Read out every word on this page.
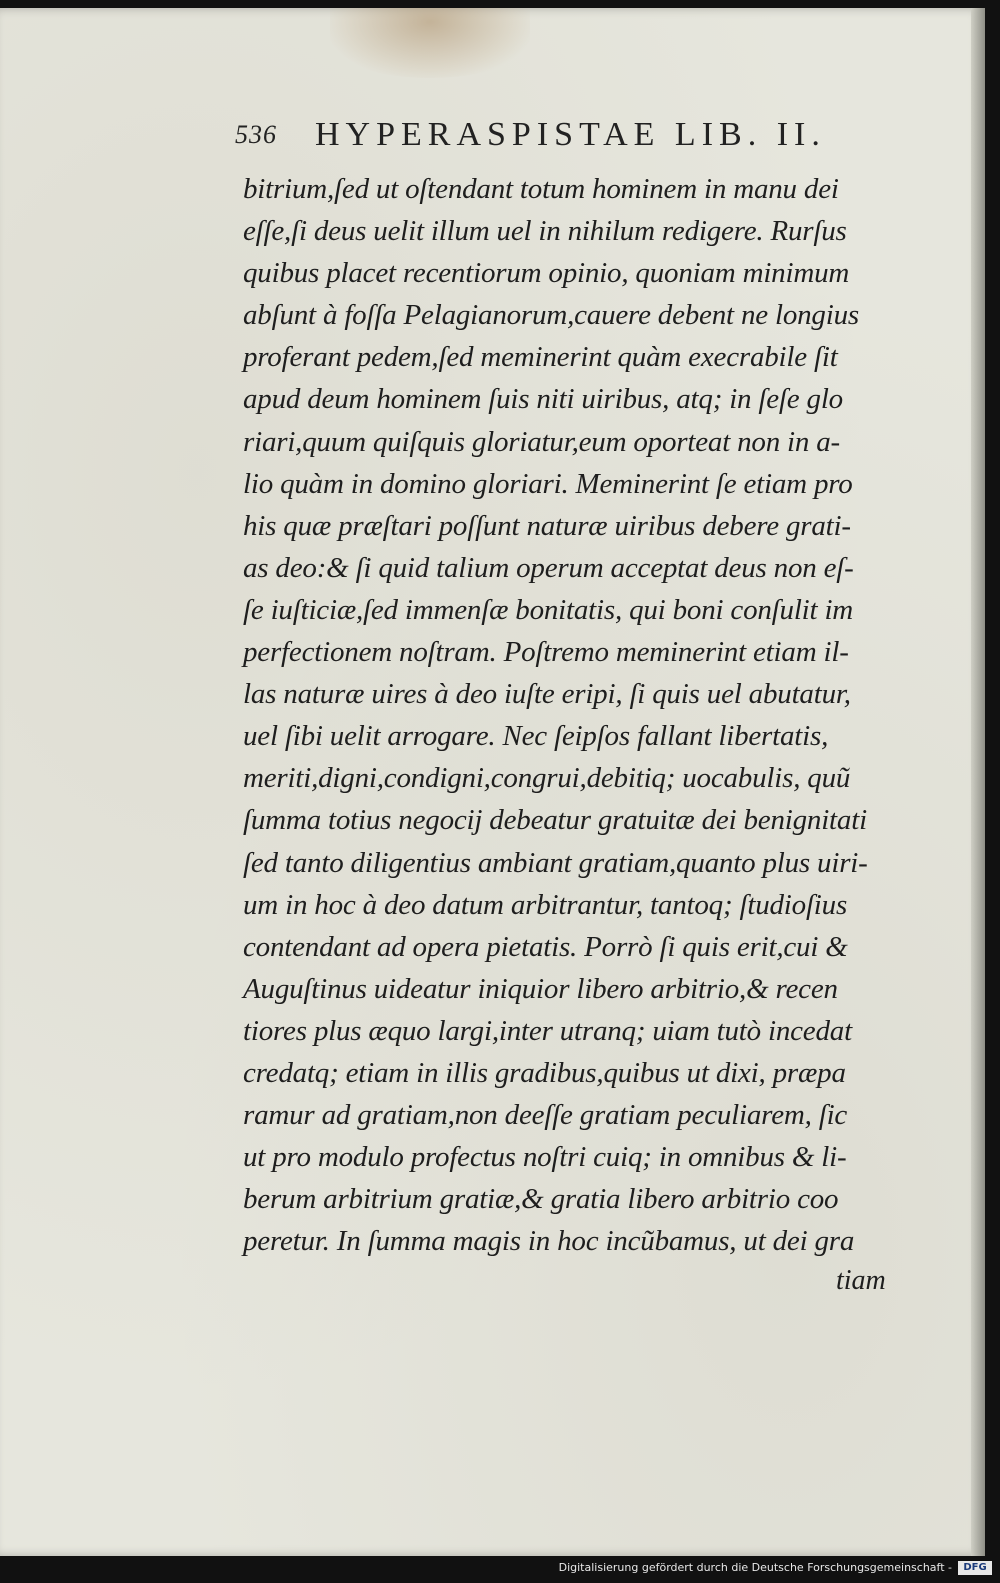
536 HYPERASPISTAE LIB. II.
bitrium,ſed ut oſtendant totum hominem in manu dei
eſſe,ſi deus uelit illum uel in nihilum redigere. Rurſus
quibus placet recentiorum opinio, quoniam minimum
abſunt à foſſa Pelagianorum,cauere debent ne longius
proferant pedem,ſed meminerint quàm execrabile ſit
apud deum hominem ſuis niti uiribus, atq; in ſeſe glo
riari,quum quiſquis gloriatur,eum oporteat non in a-
lio quàm in domino gloriari. Meminerint ſe etiam pro
his quæ præſtari poſſunt naturæ uiribus debere grati-
as deo:& ſi quid talium operum acceptat deus non eſ-
ſe iuſticiæ,ſed immenſæ bonitatis, qui boni conſulit im
perfectionem noſtram. Poſtremo meminerint etiam il-
las naturæ uires à deo iuſte eripi, ſi quis uel abutatur,
uel ſibi uelit arrogare. Nec ſeipſos fallant libertatis,
meriti,digni,condigni,congrui,debitiq; uocabulis, quũ
ſumma totius negocij debeatur gratuitæ dei benignitati
ſed tanto diligentius ambiant gratiam,quanto plus uiri-
um in hoc à deo datum arbitrantur, tantoq; ſtudioſius
contendant ad opera pietatis. Porrò ſi quis erit,cui &
Auguſtinus uideatur iniquior libero arbitrio,& recen
tiores plus æquo largi,inter utranq; uiam tutò incedat
credatq; etiam in illis gradibus,quibus ut dixi, præpa
ramur ad gratiam,non deeſſe gratiam peculiarem, ſic
ut pro modulo profectus noſtri cuiq; in omnibus & li-
berum arbitrium gratiæ,& gratia libero arbitrio coo
peretur. In ſumma magis in hoc incũbamus, ut dei gra
tiam
Digitalisierung gefördert durch die Deutsche Forschungsgemeinschaft -	DFG
